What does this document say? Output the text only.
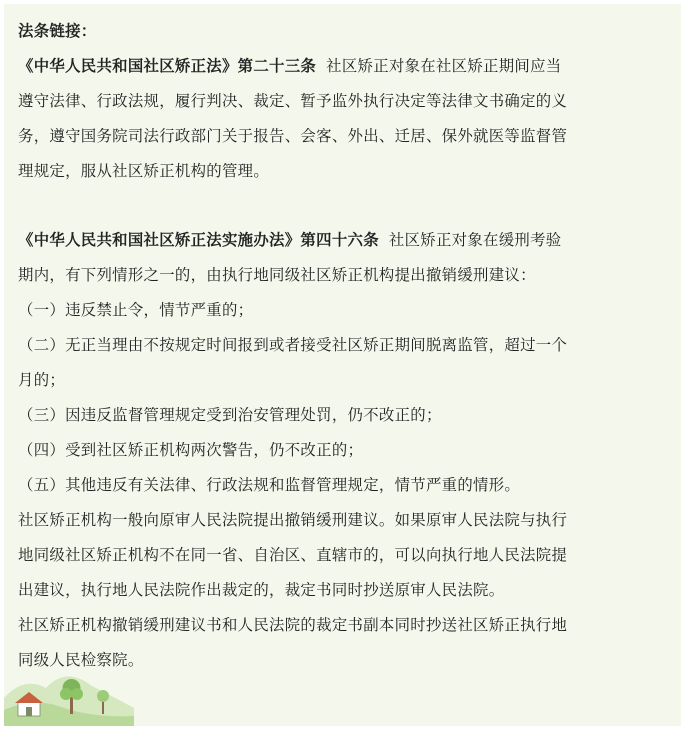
法条链接：
《中华人民共和国社区矫正法》第二十三条 社区矫正对象在社区矫正期间应当
遵守法律、行政法规，履行判决、裁定、暂予监外执行决定等法律文书确定的义
务，遵守国务院司法行政部门关于报告、会客、外出、迁居、保外就医等监督管
理规定，服从社区矫正机构的管理。
《中华人民共和国社区矫正法实施办法》第四十六条 社区矫正对象在缓刑考验
期内，有下列情形之一的，由执行地同级社区矫正机构提出撤销缓刑建议：
（一）违反禁止令，情节严重的；
（二）无正当理由不按规定时间报到或者接受社区矫正期间脱离监管，超过一个
月的；
（三）因违反监督管理规定受到治安管理处罚，仍不改正的；
（四）受到社区矫正机构两次警告，仍不改正的；
（五）其他违反有关法律、行政法规和监督管理规定，情节严重的情形。
社区矫正机构一般向原审人民法院提出撤销缓刑建议。如果原审人民法院与执行
地同级社区矫正机构不在同一省、自治区、直辖市的，可以向执行地人民法院提
出建议，执行地人民法院作出裁定的，裁定书同时抄送原审人民法院。
社区矫正机构撤销缓刑建议书和人民法院的裁定书副本同时抄送社区矫正执行地
同级人民检察院。
